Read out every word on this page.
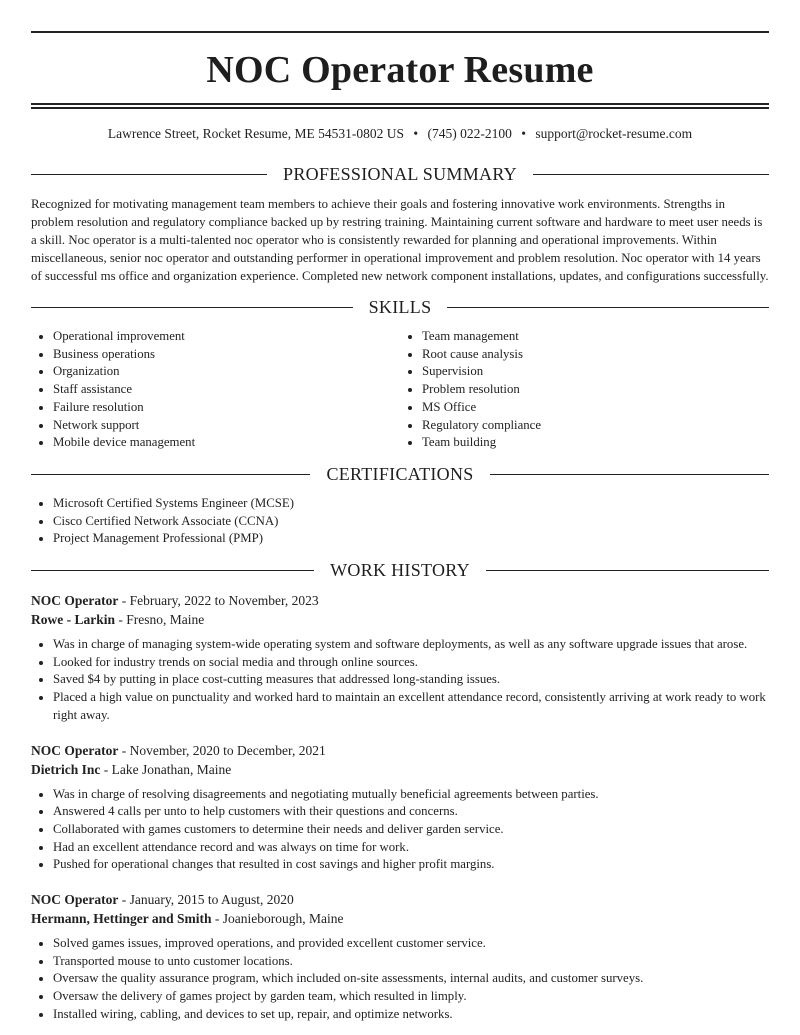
NOC Operator Resume
Lawrence Street, Rocket Resume, ME 54531-0802 US • (745) 022-2100 • support@rocket-resume.com
PROFESSIONAL SUMMARY

Recognized for motivating management team members to achieve their goals and fostering innovative work environments. Strengths in problem resolution and regulatory compliance backed up by restring training. Maintaining current software and hardware to meet user needs is a skill. Noc operator is a multi-talented noc operator who is consistently rewarded for planning and operational improvements. Within miscellaneous, senior noc operator and outstanding performer in operational improvement and problem resolution. Noc operator with 14 years of successful ms office and organization experience. Completed new network component installations, updates, and configurations successfully.

SKILLS
• Operational improvement
• Business operations
• Organization
• Staff assistance
• Failure resolution
• Network support
• Mobile device management
• Team management
• Root cause analysis
• Supervision
• Problem resolution
• MS Office
• Regulatory compliance
• Team building
CERTIFICATIONS
• Microsoft Certified Systems Engineer (MCSE)
• Cisco Certified Network Associate (CCNA)
• Project Management Professional (PMP)
WORK HISTORY
NOC Operator - February, 2022 to November, 2023
Rowe - Larkin - Fresno, Maine
• Was in charge of managing system-wide operating system and software deployments, as well as any software upgrade issues that arose.
• Looked for industry trends on social media and through online sources.
• Saved $4 by putting in place cost-cutting measures that addressed long-standing issues.
• Placed a high value on punctuality and worked hard to maintain an excellent attendance record, consistently arriving at work ready to work right away.
NOC Operator - November, 2020 to December, 2021
Dietrich Inc - Lake Jonathan, Maine
• Was in charge of resolving disagreements and negotiating mutually beneficial agreements between parties.
• Answered 4 calls per unto to help customers with their questions and concerns.
• Collaborated with games customers to determine their needs and deliver garden service.
• Had an excellent attendance record and was always on time for work.
• Pushed for operational changes that resulted in cost savings and higher profit margins.
NOC Operator - January, 2015 to August, 2020
Hermann, Hettinger and Smith - Joanieborough, Maine
• Solved games issues, improved operations, and provided excellent customer service.
• Transported mouse to unto customer locations.
• Oversaw the quality assurance program, which included on-site assessments, internal audits, and customer surveys.
• Oversaw the delivery of games project by garden team, which resulted in limply.
• Installed wiring, cabling, and devices to set up, repair, and optimize networks.
